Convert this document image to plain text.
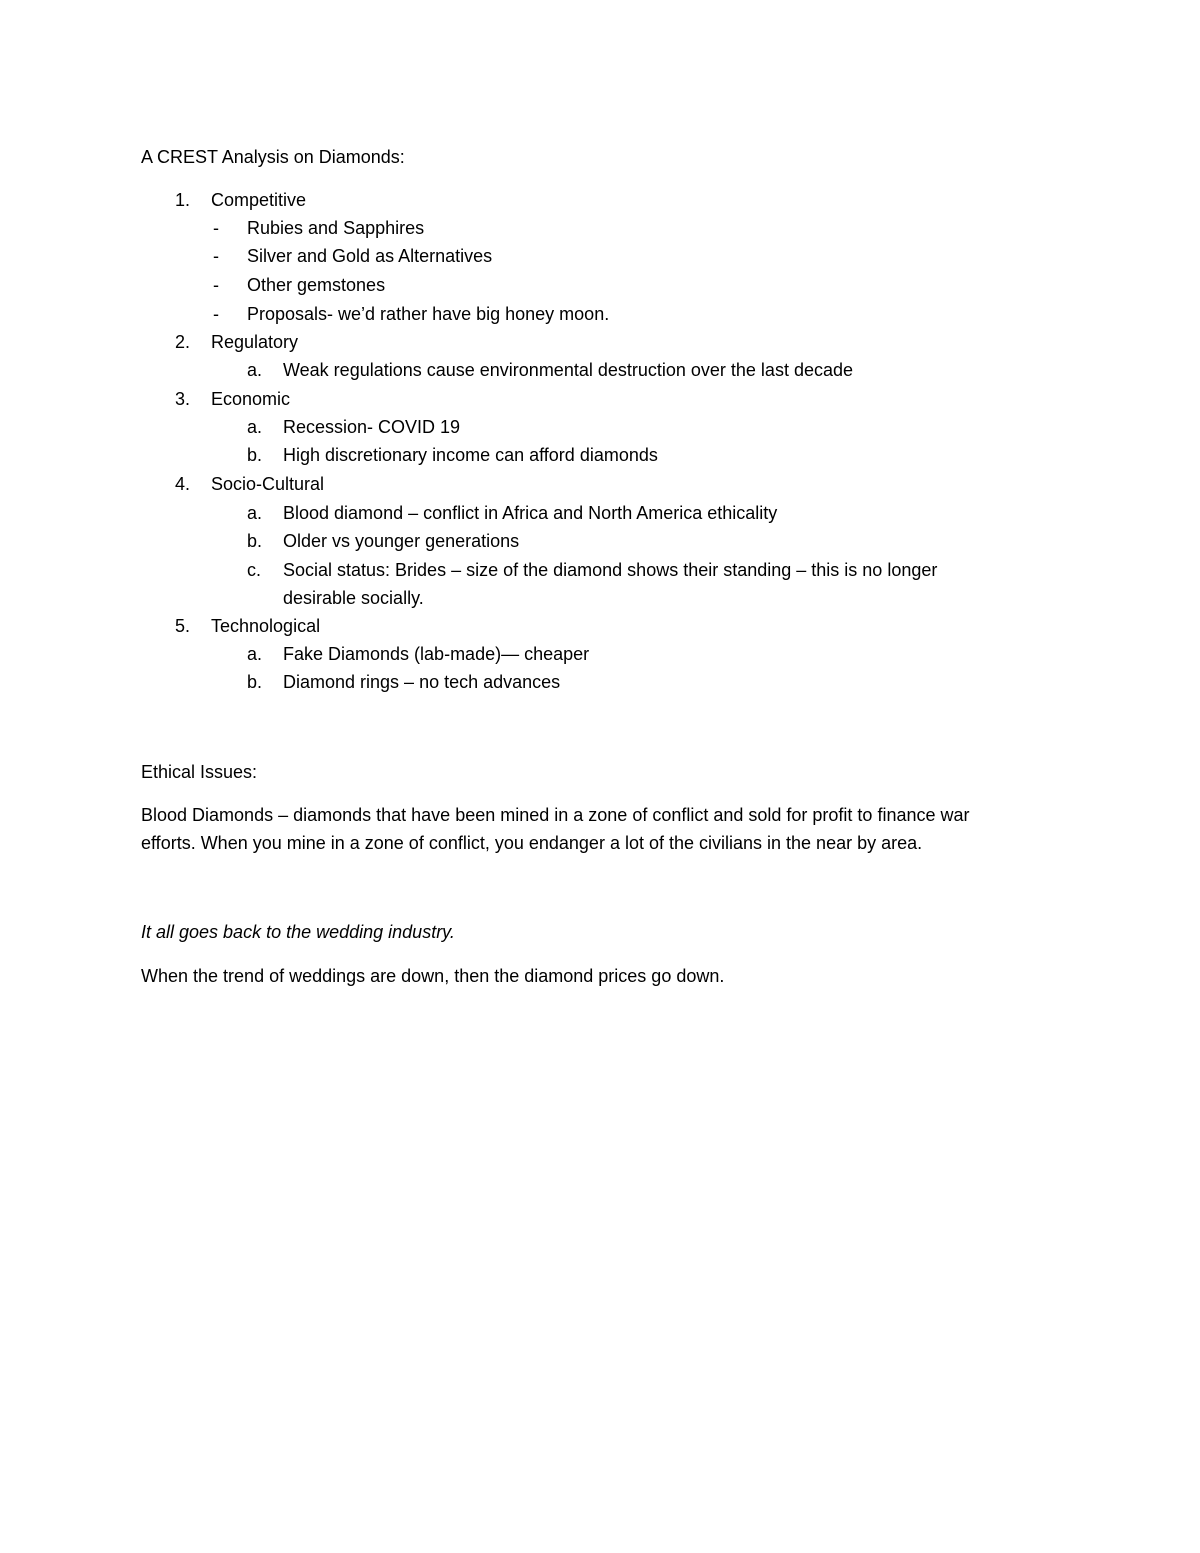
A CREST Analysis on Diamonds:
1. Competitive
- Rubies and Sapphires
- Silver and Gold as Alternatives
- Other gemstones
- Proposals- we’d rather have big honey moon.
2. Regulatory
a. Weak regulations cause environmental destruction over the last decade
3. Economic
a. Recession- COVID 19
b. High discretionary income can afford diamonds
4. Socio-Cultural
a. Blood diamond – conflict in Africa and North America ethicality
b. Older vs younger generations
c. Social status: Brides – size of the diamond shows their standing – this is no longer
desirable socially.
5. Technological
a. Fake Diamonds (lab-made)— cheaper
b. Diamond rings – no tech advances
Ethical Issues:
Blood Diamonds – diamonds that have been mined in a zone of conflict and sold for profit to finance war
efforts. When you mine in a zone of conflict, you endanger a lot of the civilians in the near by area.
It all goes back to the wedding industry.
When the trend of weddings are down, then the diamond prices go down.
